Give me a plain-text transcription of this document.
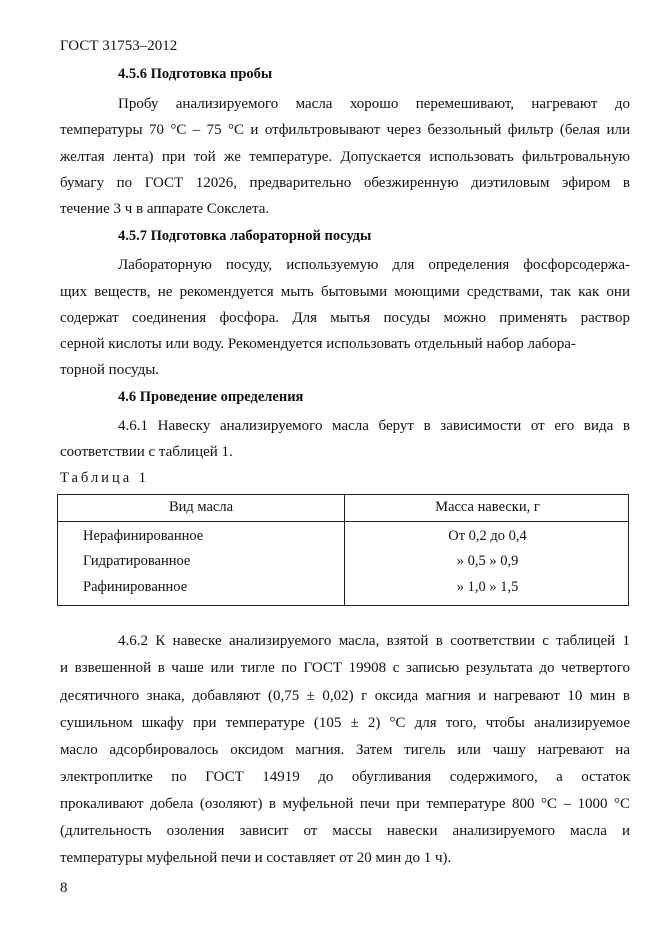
ГОСТ 31753–2012
4.5.6 Подготовка пробы
Пробу анализируемого масла хорошо перемешивают, нагревают до
температуры 70 °С – 75 °С и отфильтровывают через беззольный фильтр (белая или
желтая лента) при той же температуре. Допускается использовать фильтровальную
бумагу по ГОСТ 12026, предварительно обезжиренную диэтиловым эфиром в
течение 3 ч в аппарате Сокслета.
4.5.7 Подготовка лабораторной посуды
Лабораторную посуду, используемую для определения фосфорсодержа-
щих веществ, не рекомендуется мыть бытовыми моющими средствами, так как они
содержат соединения фосфора. Для мытья посуды можно применять раствор
серной кислоты или воду. Рекомендуется использовать отдельный набор лабора-
торной посуды.
4.6 Проведение определения
4.6.1 Навеску анализируемого масла берут в зависимости от его вида в
соответствии с таблицей 1.
Таблица 1
Вид масла	Масса навески, г
Нерафинированное	От 0,2 до 0,4
Гидратированное	» 0,5 » 0,9
Рафинированное	» 1,0 » 1,5
4.6.2 К навеске анализируемого масла, взятой в соответствии с таблицей 1
и взвешенной в чаше или тигле по ГОСТ 19908 с записью результата до четвертого
десятичного знака, добавляют (0,75 ± 0,02) г оксида магния и нагревают 10 мин в
сушильном шкафу при температуре (105 ± 2) °С для того, чтобы анализируемое
масло адсорбировалось оксидом магния. Затем тигель или чашу нагревают на
электроплитке по ГОСТ 14919 до обугливания содержимого, а остаток
прокаливают добела (озоляют) в муфельной печи при температуре 800 °С – 1000 °С
(длительность озоления зависит от массы навески анализируемого масла и
температуры муфельной печи и составляет от 20 мин до 1 ч).
8
